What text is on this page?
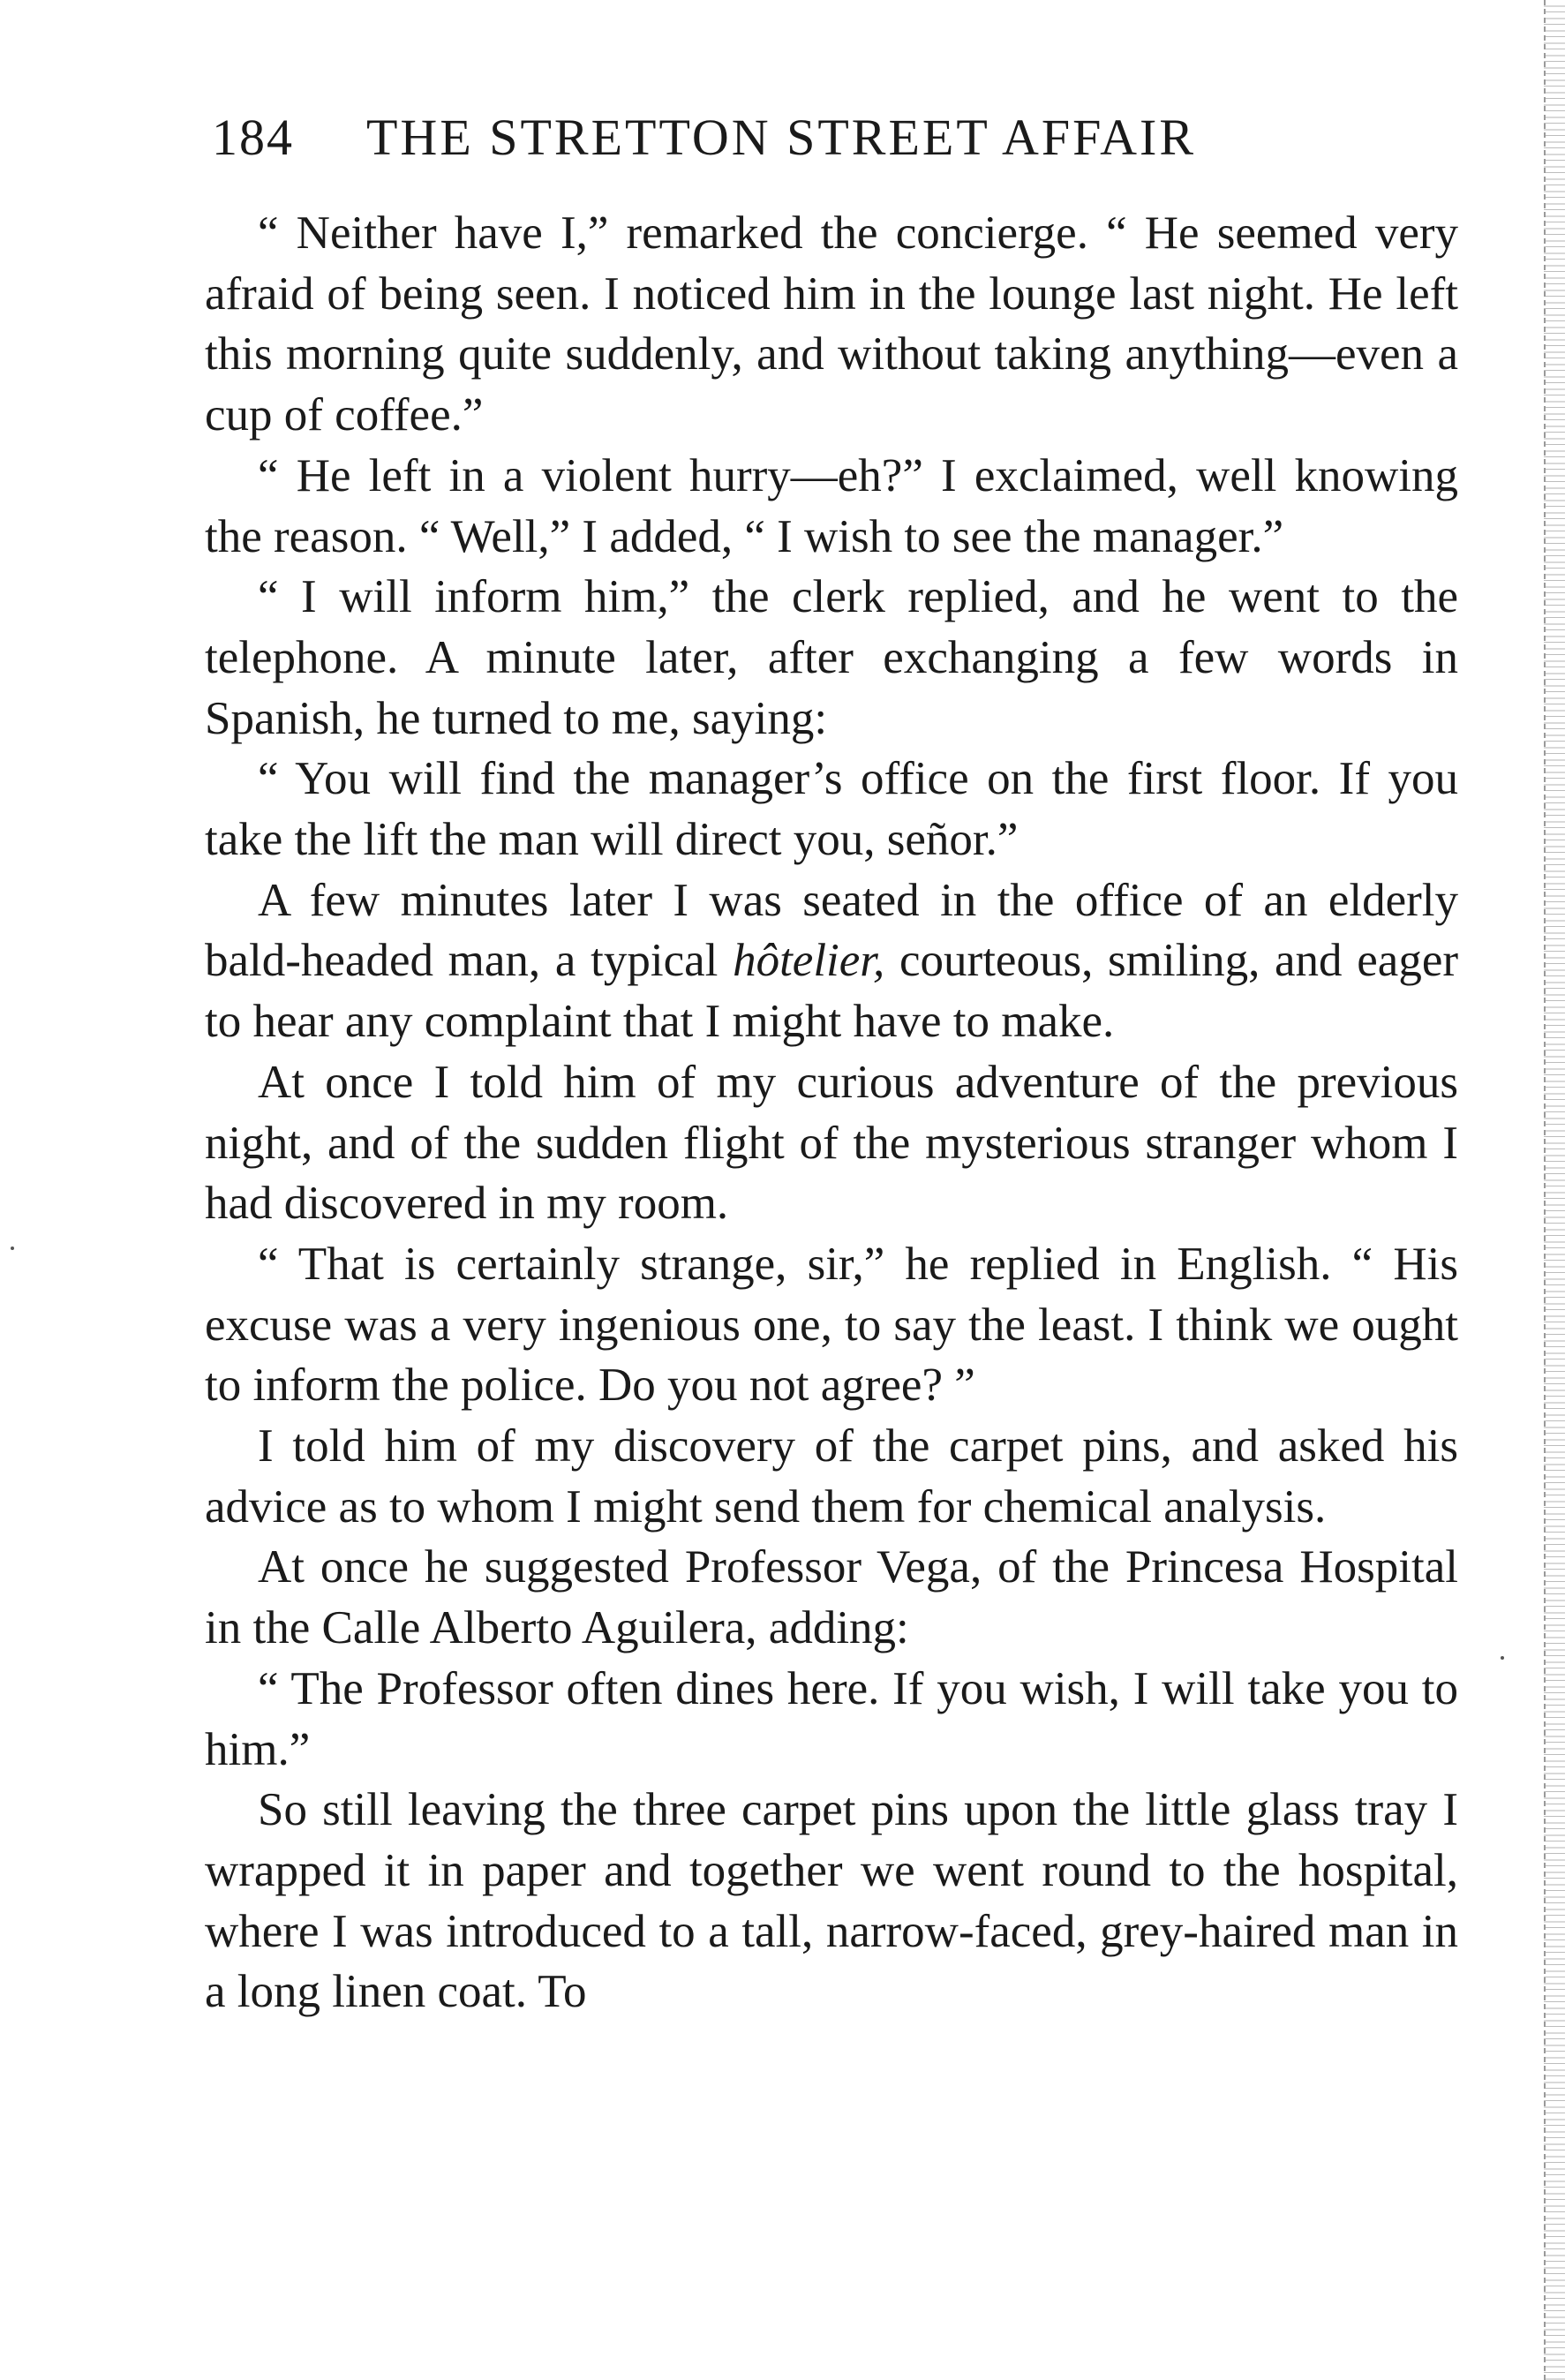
184 THE STRETTON STREET AFFAIR

“ Neither have I,” remarked the concierge. “ He seemed very afraid of being seen. I noticed him in the lounge last night. He left this morning quite suddenly, and without taking anything—even a cup of coffee.”

“ He left in a violent hurry—eh?” I exclaimed, well knowing the reason. “ Well,” I added, “ I wish to see the manager.”

“ I will inform him,” the clerk replied, and he went to the telephone. A minute later, after exchanging a few words in Spanish, he turned to me, saying:

“ You will find the manager’s office on the first floor. If you take the lift the man will direct you, señor.”

A few minutes later I was seated in the office of an elderly bald-headed man, a typical hôtelier, courteous, smiling, and eager to hear any complaint that I might have to make.

At once I told him of my curious adventure of the previous night, and of the sudden flight of the mysterious stranger whom I had discovered in my room.

“ That is certainly strange, sir,” he replied in English. “ His excuse was a very ingenious one, to say the least. I think we ought to inform the police. Do you not agree? ”

I told him of my discovery of the carpet pins, and asked his advice as to whom I might send them for chemical analysis.

At once he suggested Professor Vega, of the Princesa Hospital in the Calle Alberto Aguilera, adding:

“ The Professor often dines here. If you wish, I will take you to him.”

So still leaving the three carpet pins upon the little glass tray I wrapped it in paper and together we went round to the hospital, where I was introduced to a tall, narrow-faced, grey-haired man in a long linen coat. To
